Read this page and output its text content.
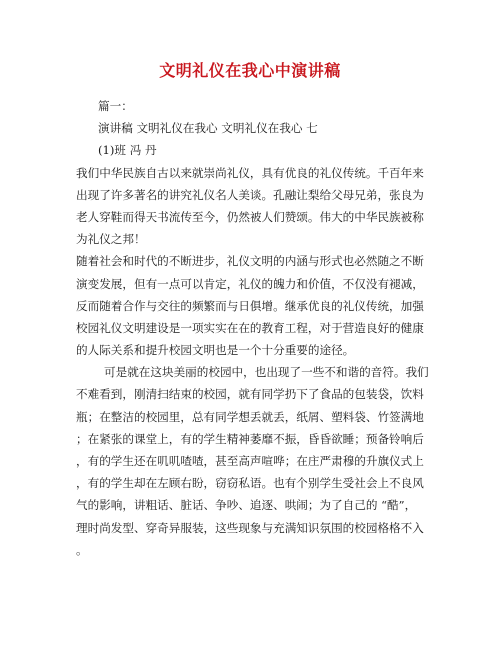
文明礼仪在我心中演讲稿
篇一：
演讲稿 文明礼仪在我心 文明礼仪在我心 七
(1)班 冯 丹
我们中华民族自古以来就崇尚礼仪，具有优良的礼仪传统。千百年来
出现了许多著名的讲究礼仪名人美谈。孔融让梨给父母兄弟，张良为
老人穿鞋而得天书流传至今，仍然被人们赞颂。伟大的中华民族被称
为礼仪之邦！
随着社会和时代的不断进步，礼仪文明的内涵与形式也必然随之不断
演变发展，但有一点可以肯定，礼仪的魄力和价值，不仅没有褪减，
反而随着合作与交往的频繁而与日俱增。继承优良的礼仪传统，加强
校园礼仪文明建设是一项实实在在的教育工程，对于营造良好的健康
的人际关系和提升校园文明也是一个十分重要的途径。
可是就在这块美丽的校园中，也出现了一些不和谐的音符。我们
不难看到，刚清扫结束的校园，就有同学扔下了食品的包装袋，饮料
瓶；在整洁的校园里，总有同学想丢就丢，纸屑、塑料袋、竹签满地
；在紧张的课堂上，有的学生精神萎靡不振，昏昏欲睡；预备铃响后
，有的学生还在叽叽喳喳，甚至高声喧哗；在庄严肃穆的升旗仪式上
，有的学生却在左顾右盼，窃窃私语。也有个别学生受社会上不良风
气的影响，讲粗话、脏话、争吵、追逐、哄闹；为了自己的 “酷”，
理时尚发型、穿奇异服装，这些现象与充满知识氛围的校园格格不入
。
